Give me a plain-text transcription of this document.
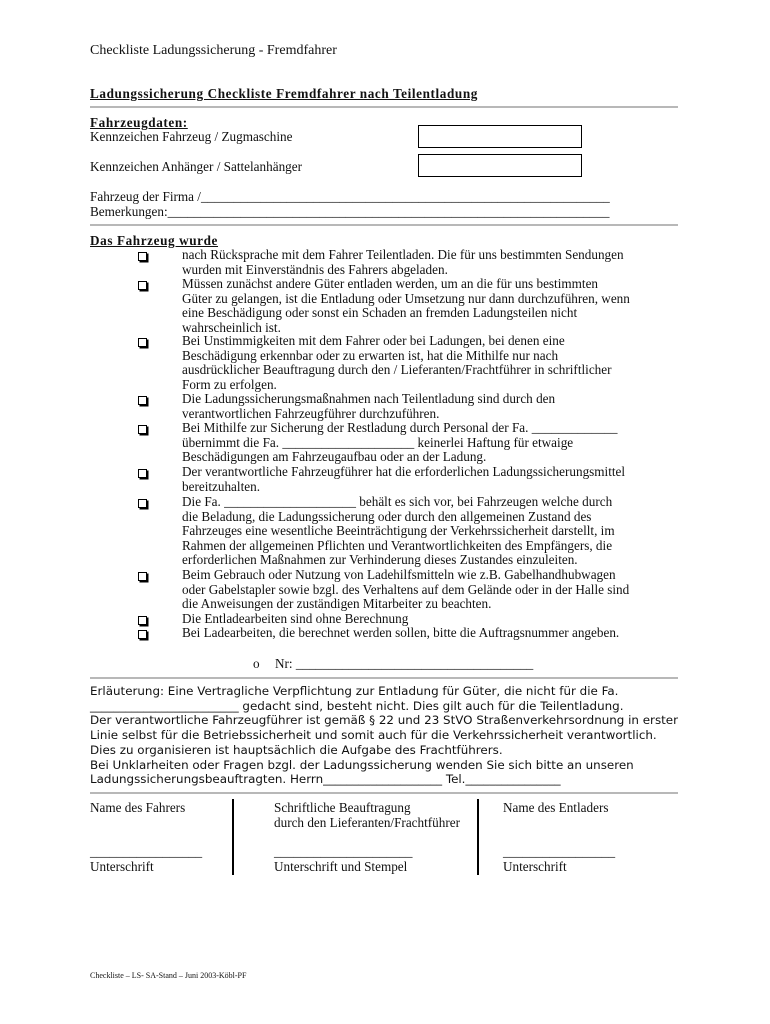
Checkliste Ladungssicherung - Fremdfahrer
Ladungssicherung Checkliste Fremdfahrer nach Teilentladung
Fahrzeugdaten:
Kennzeichen Fahrzeug / Zugmaschine
Kennzeichen Anhänger / Sattelanhänger
Fahrzeug der Firma /______________________________________________________________
Bemerkungen:___________________________________________________________________
Das Fahrzeug wurde
nach Rücksprache mit dem Fahrer Teilentladen. Die für uns bestimmten Sendungen
wurden mit Einverständnis des Fahrers abgeladen.
Müssen zunächst andere Güter entladen werden, um an die für uns bestimmten
Güter zu gelangen, ist die Entladung oder Umsetzung nur dann durchzuführen, wenn
eine Beschädigung oder sonst ein Schaden an fremden Ladungsteilen nicht
wahrscheinlich ist.
Bei Unstimmigkeiten mit dem Fahrer oder bei Ladungen, bei denen eine
Beschädigung erkennbar oder zu erwarten ist, hat die Mithilfe nur nach
ausdrücklicher Beauftragung durch den / Lieferanten/Frachtführer in schriftlicher
Form zu erfolgen.
Die Ladungssicherungsmaßnahmen nach Teilentladung sind durch den
verantwortlichen Fahrzeugführer durchzuführen.
Bei Mithilfe zur Sicherung der Restladung durch Personal der Fa. _____________
übernimmt die Fa. ____________________ keinerlei Haftung für etwaige
Beschädigungen am Fahrzeugaufbau oder an der Ladung.
Der verantwortliche Fahrzeugführer hat die erforderlichen Ladungssicherungsmittel
bereitzuhalten.
Die Fa. ____________________ behält es sich vor, bei Fahrzeugen welche durch
die Beladung, die Ladungssicherung oder durch den allgemeinen Zustand des
Fahrzeuges eine wesentliche Beeinträchtigung der Verkehrssicherheit darstellt, im
Rahmen der allgemeinen Pflichten und Verantwortlichkeiten des Empfängers, die
erforderlichen Maßnahmen zur Verhinderung dieses Zustandes einzuleiten.
Beim Gebrauch oder Nutzung von Ladehilfsmitteln wie z.B. Gabelhandhubwagen
oder Gabelstapler sowie bzgl. des Verhaltens auf dem Gelände oder in der Halle sind
die Anweisungen der zuständigen Mitarbeiter zu beachten.
Die Entladearbeiten sind ohne Berechnung
Bei Ladearbeiten, die berechnet werden sollen, bitte die Auftragsnummer angeben.
o Nr: ____________________________________
Erläuterung: Eine Vertragliche Verpflichtung zur Entladung für Güter, die nicht für die Fa.
_________________________ gedacht sind, besteht nicht. Dies gilt auch für die Teilentladung.
Der verantwortliche Fahrzeugführer ist gemäß § 22 und 23 StVO Straßenverkehrsordnung in erster
Linie selbst für die Betriebssicherheit und somit auch für die Verkehrssicherheit verantwortlich.
Dies zu organisieren ist hauptsächlich die Aufgabe des Frachtführers.
Bei Unklarheiten oder Fragen bzgl. der Ladungssicherung wenden Sie sich bitte an unseren
Ladungssicherungsbeauftragten. Herrn____________________ Tel.________________
Name des Fahrers
_________________
Unterschrift
Schriftliche Beauftragung
durch den Lieferanten/Frachtführer
_____________________
Unterschrift und Stempel
Name des Entladers
_________________
Unterschrift
Checkliste – LS- SA-Stand – Juni 2003-Köbl-PF
